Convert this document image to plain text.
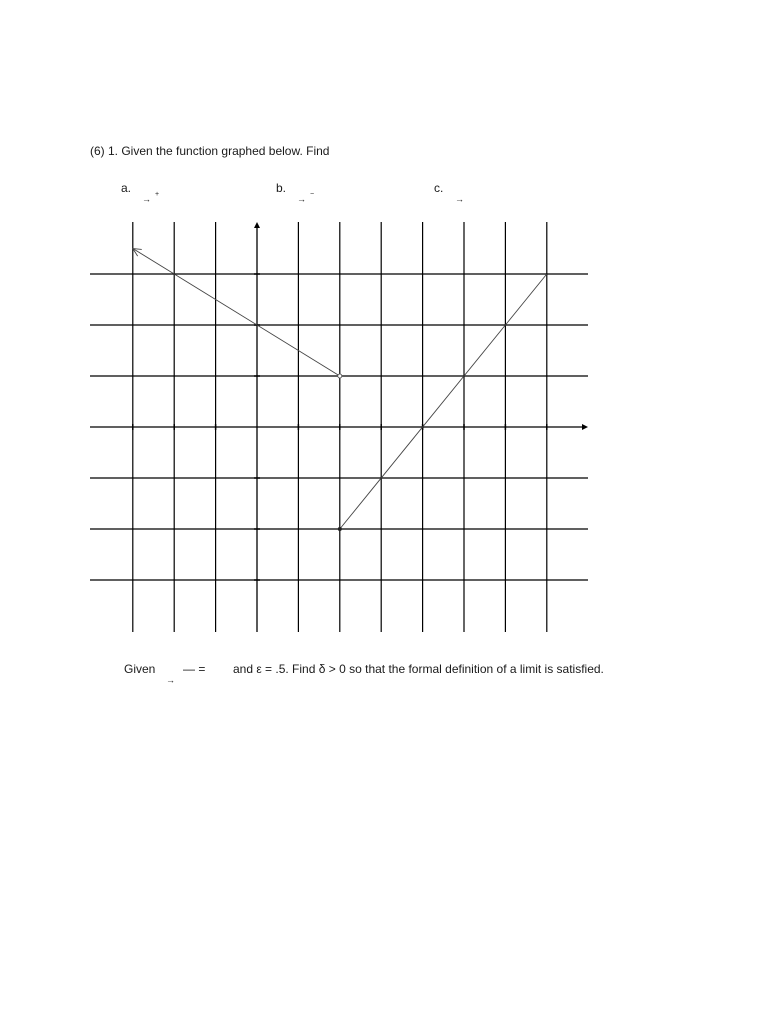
(6) 1. Given the function graphed below. Find
a.
→ +	b.
→ −	c.
→
Given — =
→
and ε = .5. Find δ > 0 so that the formal definition of a limit is satisfied.
